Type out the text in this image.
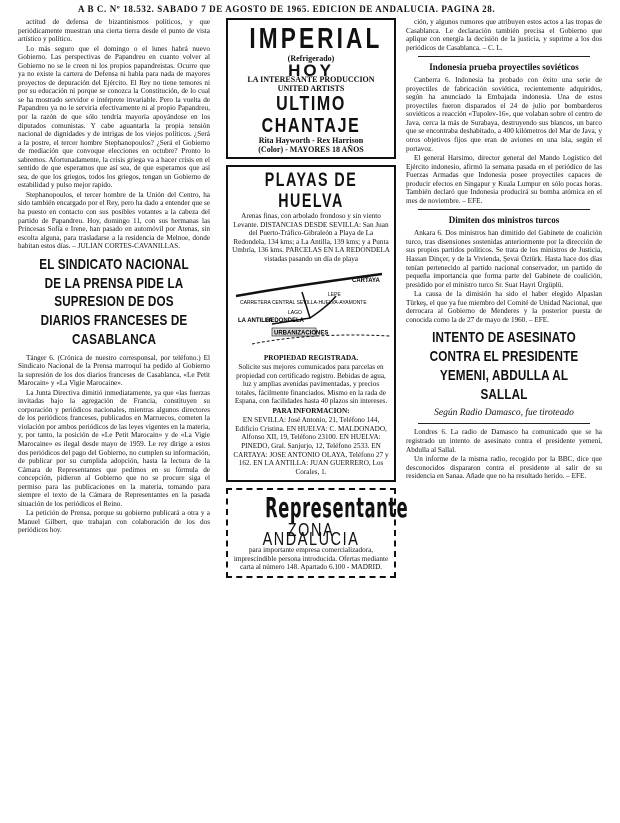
A B C. Nº 18.532. SABADO 7 DE AGOSTO DE 1965. EDICION DE ANDALUCIA. PAGINA 28.

actitud de defensa de bizantinismos políticos, y que periódicamente muestran una cierta tierra desde el punto de vista artístico y político.

Lo más seguro que el domingo o el lunes habrá nuevo Gobierno. Las perspectivas de Papandreu en cuanto volver al Gobierno no se le creen ni los propios papandreistas. Ocurre que ya no existe la cartera de Defensa ni habla para nada de mayores proyectos de depuración del Ejército. El Rey no tiene temores ni por su educación ni porque se conozca la Constitución, de lo cual se ha mostrado servidor e intérprete invariable. Pero la vuelta de Papandreu ya no le serviría efectivamente ni al propio Papandreu, por la razón de que sólo tendría mayoría apoyándose en los diputados comunistas. Y cabe aguantarla la propia tensión nacional de dignidades y de intrigas de los viejos políticos. ¿Será a la postre, el tercer hombre Stephanopoulos? ¿Será el Gobierno de mediación que convoque elecciones en octubre? Pronto lo sabremos. Afortunadamente, la crisis griega va a hacer crisis en el sentido de que esperamos que así sea, de que esperamos que así sea, de que los griegos, todos los griegos, tengan un Gobierno de estabilidad y pulso mejor rapido.

Stephanopoulos, el tercer hombre de la Unión del Centro, ha sido también encargado por el Rey, pero ha dado a entender que se ha puesto en contacto con sus posibles votantes a la cabeza del partido de Papandreu. Hoy, domingo 11, con sus hermanas las Princesas Sofía e Irene, han pasado en automóvil por Atenas, sin escolta alguna, para trasladarse a la residencia de Melnoe, donde habitan estos días. – JULIAN CORTES-CAVANILLAS.

EL SINDICATO NACIONAL DE LA PRENSA PIDE LA SUPRESION DE DOS DIARIOS FRANCESES DE CASABLANCA

Tánger 6. (Crónica de nuestro corresponsal, por teléfono.) El Sindicato Nacional de la Prensa marroquí ha pedido al Gobierno la supresión de los dos diarios franceses de Casablanca, «Le Petit Marocain» y «La Vigie Marocaine».

La Junta Directiva dimitió inmediatamente, ya que «las fuerzas invitadas bajo la agregación de Francia, constituyen su corporación y periódicos nacionales, mientras algunos directores de los periódicos franceses, publicados en Marruecos, cometen la violación por ambos periódicos de las leyes vigentes en la materia, y, por tanto, la posición de «Le Petit Marocain» y de «La Vigie Marocaine» es ilegal desde mayo de 1959. Le rey dirige a estos dos periódicos del pago del Gobierno, no cumplen su información, de publicar por su cumplida adopción, hasta la lectura de la Cámara de Representantes que pedimos en su fórmula de concepción, pidieron al Gobierno que no se procure siga el permiso para las publicaciones en la materia, tomando para siempre el texto de la Cámara de Representantes en la pasada situación de los periódicos el Reino.

La petición de Prensa, porque su gobierno publicará a otra y a Manuel Gilbert, que trabajan con colaboración de los dos periódicos hoy.

IMPERIAL
(Refrigerado)
HOY
LA INTERESANTE PRODUCCION
UNITED ARTISTS
ULTIMO CHANTAJE
Rita Hayworth - Rex Harrison
(Color) - MAYORES 18 AÑOS
PLAYAS DE HUELVA

Arenas finas, con arbolado frondoso y sin viento Levante. DISTANCIAS DESDE SEVILLA: San Juan del Puerto-Tráfico-Gibraleón a Playa de La Redondela, 134 kms; a La Antilla, 139 kms; y a Punta Umbría, 136 kms. PARCELAS EN LA REDONDELA vistadas pasando un día de playa

CARRETERA CENTRAL SEVILLA-HUELVA-AYAMONTE
CARTAYA
LEPE
LAGO
LA ANTILLA
REDONDELA
URBANIZACIONES

PROPIEDAD REGISTRADA.

Solicite sus mejores comunicados para parcelas en propiedad con certificado registro. Bebidas de agua, luz y amplias avenidas pavimentadas, y precios totales, fácilmente financiados. Mismo en la rada de Espana, con facilidades hasta 40 plazos sin intereses.

PARA INFORMACION:

EN SEVILLA: José Antonio, 21, Teléfono 144, Edificio Cristina. EN HUELVA: C. MALDONADO, Alfonso XII, 19, Teléfono 23100. EN HUELVA: PINEDO, Gral. Sanjurjo, 12, Teléfono 2533. EN CARTAYA: JOSE ANTONIO OLAYA, Teléfono 27 y 162. EN LA ANTILLA: JUAN GUERRERO, Los Corales, 1.

Representante
ZONA ANDALUCIA

para importante empresa comercializadora, imprescindible persona introducida. Ofertas mediante carta al número 148. Apartado 6.100 - MADRID.

ción, y algunos rumores que atribuyen estos actos a las tropas de Casablanca. Le declaración también precisa el Gobierno que aplique con energía la decisión de la justicia, y suprime a los dos periódicos de Casablanca. – C. L.

Indonesia prueba proyectiles soviéticos

Canberra 6. Indonesia ha probado con éxito una serie de proyectiles de fabricación soviética, recientemente adquiridos, según ha anunciado la Embajada indonesia. Una de estos proyectiles fueron disparados el 24 de julio por bombarderos soviéticos a reacción «Tupolev-16», que volaban sobre el centro de Java, cerca la más de Surabaya, destruyendo sus blancos, un barco que se encontraba deshabitado, a 400 kilómetros del Mar de Java, y otros objetivos fijos que eran de aviones en una isla, según el portavoz.

El general Harsimo, director general del Mando Logístico del Ejército indonesio, afirmó la semana pasada en el periódico de las Fuerzas Armadas que Indonesia posee proyectiles capaces de producir efectos en Singapur y Kuala Lumpur en sólo pocas horas. También declaró que Indonesia producirá su bomba atómica en el mes de noviembre. – EFE.

Dimiten dos ministros turcos

Ankara 6. Dos ministros han dimitido del Gabinete de coalición turco, tras disensiones sostenidas anteriormente por la dirección de sus propios partidos políticos. Se trata de los ministros de Justicia, Hassan Dinçer, y de la Vivienda, Şevai Öztürk. Hasta hace dos días tenían pertenecido al partido nacional conservador, un partido de pequeña importancia que forma parte del Gabinete de coalición, presidido por el ministro turco Sr. Suat Hayri Ürgüplü.

La causa de la dimisión ha sido el haber elegido Alpaslan Türkeş, el que ya fue miembro del Comité de Unidad Nacional, que derrocara al Gobierno de Menderes y la posterior puesta de conocida como la de 27 de mayo de 1960. – EFE.

INTENTO DE ASESINATO CONTRA EL PRESIDENTE YEMENI, ABDULLA AL SALLAL
Según Radio Damasco, fue tiroteado

Londres 6. La radio de Damasco ha comunicado que se ha registrado un intento de asesinato contra el presidente yemení, Abdulla al Sallal.

Un informe de la misma radio, recogido por la BBC, dice que desconocidos dispararon contra el presidente al salir de su residencia en Sanaa. Añade que no ha resultado herido. – EFE.
